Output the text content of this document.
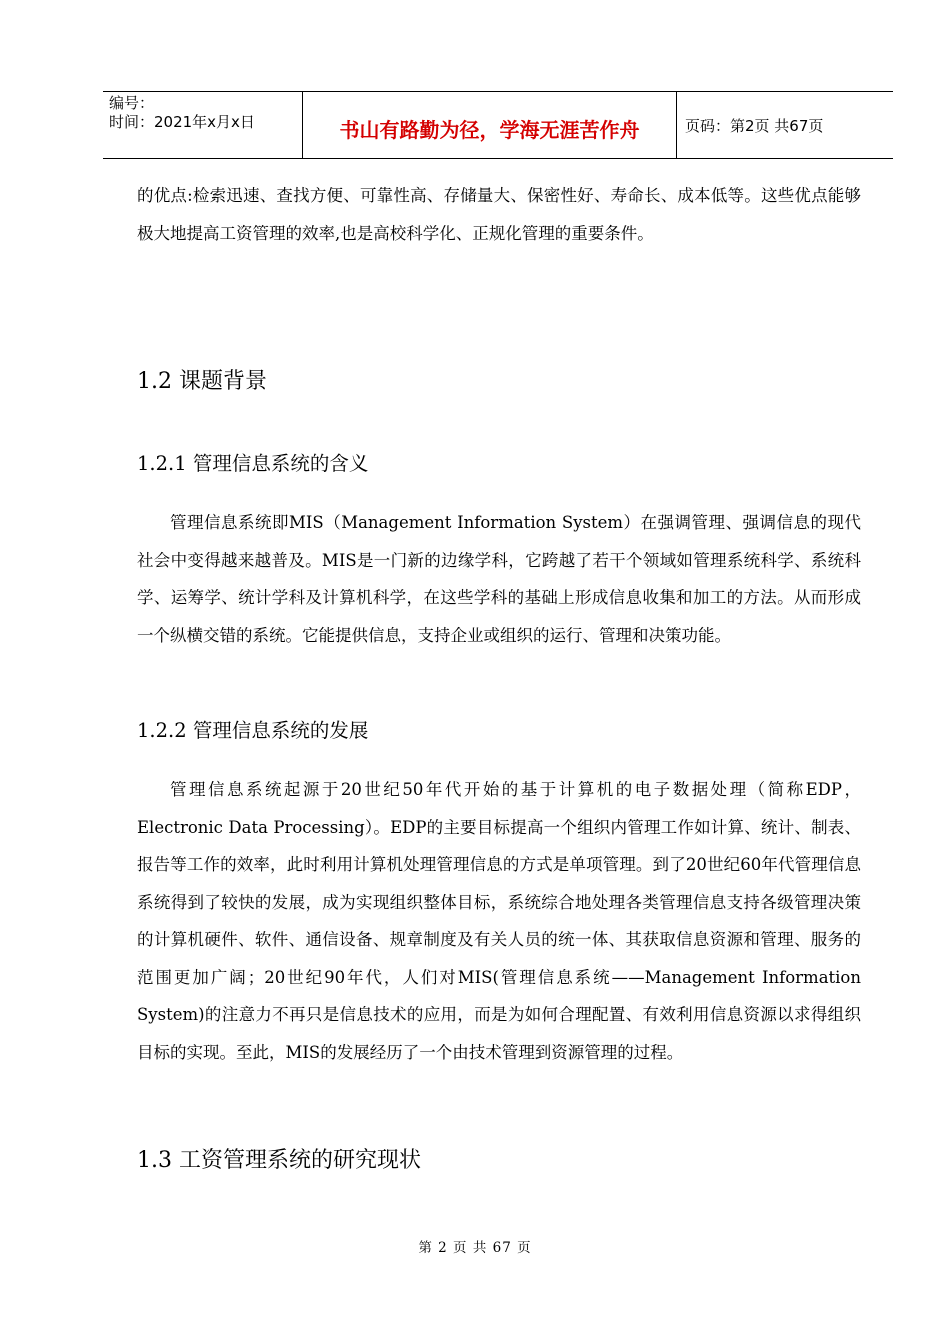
编号：
时间：2021年x月x日	书山有路勤为径，学海无涯苦作舟	页码：第2页 共67页

的优点:检索迅速、查找方便、可靠性高、存储量大、保密性好、寿命长、成本低等。这些优点能够极大地提高工资管理的效率,也是高校科学化、正规化管理的重要条件。

1.2 课题背景
1.2.1 管理信息系统的含义

管理信息系统即MIS（Management Information System）在强调管理、强调信息的现代社会中变得越来越普及。MIS是一门新的边缘学科，它跨越了若干个领域如管理系统科学、系统科学、运筹学、统计学科及计算机科学，在这些学科的基础上形成信息收集和加工的方法。从而形成一个纵横交错的系统。它能提供信息，支持企业或组织的运行、管理和决策功能。

1.2.2 管理信息系统的发展

管理信息系统起源于20世纪50年代开始的基于计算机的电子数据处理（简称EDP，Electronic Data Processing）。EDP的主要目标提高一个组织内管理工作如计算、统计、制表、报告等工作的效率，此时利用计算机处理管理信息的方式是单项管理。到了20世纪60年代管理信息系统得到了较快的发展，成为实现组织整体目标，系统综合地处理各类管理信息支持各级管理决策的计算机硬件、软件、通信设备、规章制度及有关人员的统一体、其获取信息资源和管理、服务的范围更加广阔；20世纪90年代，人们对MIS(管理信息系统——Management Information System)的注意力不再只是信息技术的应用，而是为如何合理配置、有效利用信息资源以求得组织目标的实现。至此，MIS的发展经历了一个由技术管理到资源管理的过程。

1.3 工资管理系统的研究现状
第 2 页 共 67 页
